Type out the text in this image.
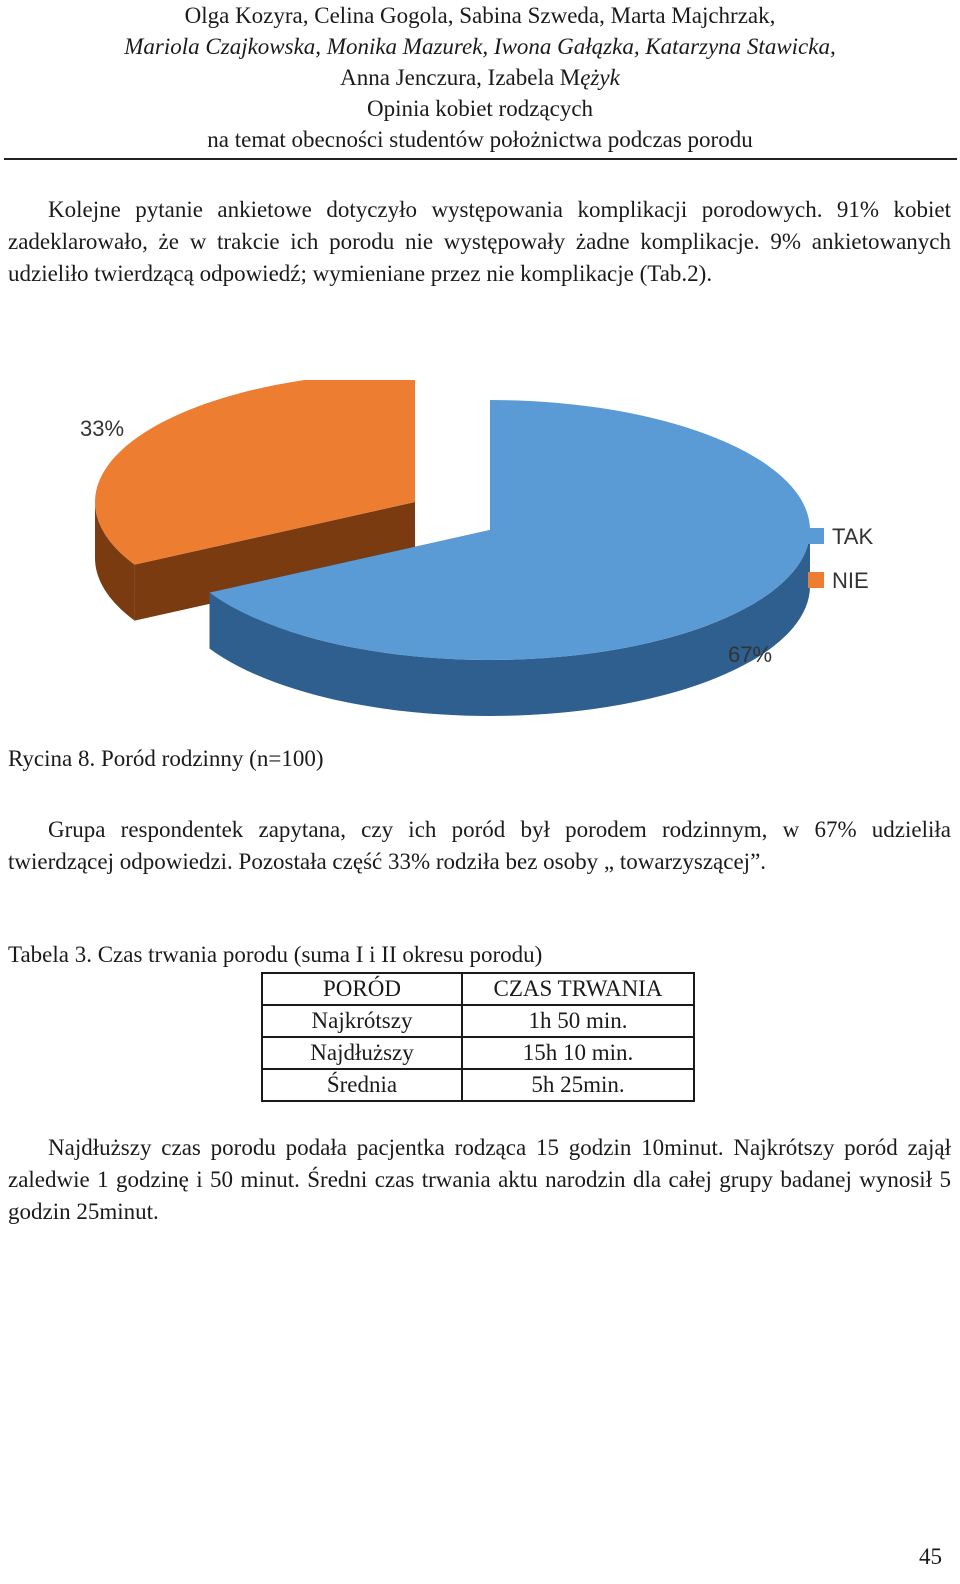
Olga Kozyra, Celina Gogola, Sabina Szweda, Marta Majchrzak,
Mariola Czajkowska, Monika Mazurek, Iwona Gałązka, Katarzyna Stawicka,
Anna Jenczura, Izabela Mężyk
Opinia kobiet rodzących
na temat obecności studentów położnictwa podczas porodu

Kolejne pytanie ankietowe dotyczyło występowania komplikacji porodowych. 91% kobiet zadeklarowało, że w trakcie ich porodu nie występowały żadne komplikacje. 9% ankietowanych udzieliło twierdzącą odpowiedź; wymieniane przez nie komplikacje (Tab.2).

67%
33%
TAK
NIE
Rycina 8. Poród rodzinny (n=100)

Grupa respondentek zapytana, czy ich poród był porodem rodzinnym, w 67% udzieliła twierdzącej odpowiedzi. Pozostała część 33% rodziła bez osoby „ towarzyszącej”.

Tabela 3. Czas trwania porodu (suma I i II okresu porodu)
PORÓD	CZAS TRWANIA
Najkrótszy	1h 50 min.
Najdłuższy	15h 10 min.
Średnia	5h 25min.

Najdłuższy czas porodu podała pacjentka rodząca 15 godzin 10minut. Najkrótszy poród zajął zaledwie 1 godzinę i 50 minut. Średni czas trwania aktu narodzin dla całej grupy badanej wynosił 5 godzin 25minut.

45
